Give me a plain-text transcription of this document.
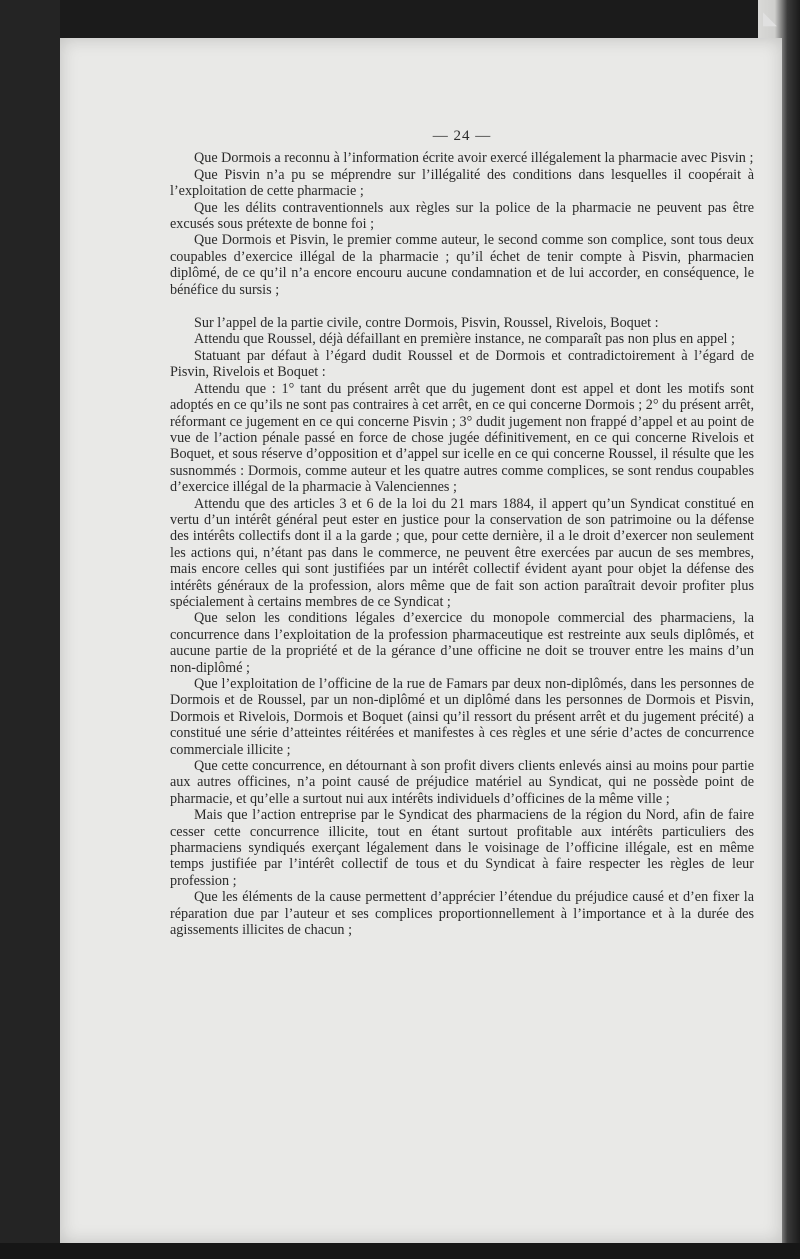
◣

— 24 —

Que Dormois a reconnu à l’information écrite avoir exercé illégalement la pharmacie avec Pisvin ;

Que Pisvin n’a pu se méprendre sur l’illégalité des conditions dans lesquelles il coopérait à l’exploitation de cette pharmacie ;

Que les délits contraventionnels aux règles sur la police de la pharmacie ne peuvent pas être excusés sous prétexte de bonne foi ;

Que Dormois et Pisvin, le premier comme auteur, le second comme son complice, sont tous deux coupables d’exercice illégal de la pharmacie ; qu’il échet de tenir compte à Pisvin, pharmacien diplômé, de ce qu’il n’a encore encouru aucune condamnation et de lui accorder, en conséquence, le bénéfice du sursis ;

Sur l’appel de la partie civile, contre Dormois, Pisvin, Roussel, Rivelois, Boquet :

Attendu que Roussel, déjà défaillant en première instance, ne comparaît pas non plus en appel ;

Statuant par défaut à l’égard dudit Roussel et de Dormois et contradictoirement à l’égard de Pisvin, Rivelois et Boquet :

Attendu que : 1° tant du présent arrêt que du jugement dont est appel et dont les motifs sont adoptés en ce qu’ils ne sont pas contraires à cet arrêt, en ce qui concerne Dormois ; 2° du présent arrêt, réformant ce jugement en ce qui concerne Pisvin ; 3° dudit jugement non frappé d’appel et au point de vue de l’action pénale passé en force de chose jugée définitivement, en ce qui concerne Rivelois et Boquet, et sous réserve d’opposition et d’appel sur icelle en ce qui concerne Roussel, il résulte que les susnommés : Dormois, comme auteur et les quatre autres comme complices, se sont rendus coupables d’exercice illégal de la pharmacie à Valenciennes ;

Attendu que des articles 3 et 6 de la loi du 21 mars 1884, il appert qu’un Syndicat constitué en vertu d’un intérêt général peut ester en justice pour la conservation de son patrimoine ou la défense des intérêts collectifs dont il a la garde ; que, pour cette dernière, il a le droit d’exercer non seulement les actions qui, n’étant pas dans le commerce, ne peuvent être exercées par aucun de ses membres, mais encore celles qui sont justifiées par un intérêt collectif évident ayant pour objet la défense des intérêts généraux de la profession, alors même que de fait son action paraîtrait devoir profiter plus spécialement à certains membres de ce Syndicat ;

Que selon les conditions légales d’exercice du monopole commercial des pharmaciens, la concurrence dans l’exploitation de la profession pharmaceutique est restreinte aux seuls diplômés, et aucune partie de la propriété et de la gérance d’une officine ne doit se trouver entre les mains d’un non-diplômé ;

Que l’exploitation de l’officine de la rue de Famars par deux non-diplômés, dans les personnes de Dormois et de Roussel, par un non-diplômé et un diplômé dans les personnes de Dormois et Pisvin, Dormois et Rivelois, Dormois et Boquet (ainsi qu’il ressort du présent arrêt et du jugement précité) a constitué une série d’atteintes réitérées et manifestes à ces règles et une série d’actes de concurrence commerciale illicite ;

Que cette concurrence, en détournant à son profit divers clients enlevés ainsi au moins pour partie aux autres officines, n’a point causé de préjudice matériel au Syndicat, qui ne possède point de pharmacie, et qu’elle a surtout nui aux intérêts individuels d’officines de la même ville ;

Mais que l’action entreprise par le Syndicat des pharmaciens de la région du Nord, afin de faire cesser cette concurrence illicite, tout en étant surtout profitable aux intérêts particuliers des pharmaciens syndiqués exerçant légalement dans le voisinage de l’officine illégale, est en même temps justifiée par l’intérêt collectif de tous et du Syndicat à faire respecter les règles de leur profession ;

Que les éléments de la cause permettent d’apprécier l’étendue du préjudice causé et d’en fixer la réparation due par l’auteur et ses complices proportionnellement à l’importance et à la durée des agissements illicites de chacun ;
